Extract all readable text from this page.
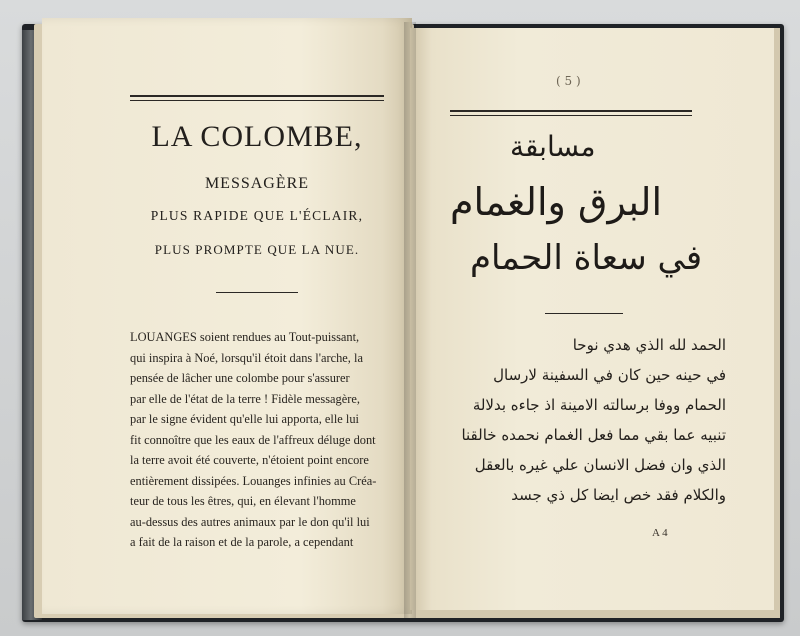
LA COLOMBE,
MESSAGÈRE
PLUS RAPIDE QUE L'ÉCLAIR,
PLUS PROMPTE QUE LA NUE.
LOUANGES soient rendues au Tout-puissant,
qui inspira à Noé, lorsqu'il étoit dans l'arche, la
pensée de lâcher une colombe pour s'assurer
par elle de l'état de la terre ! Fidèle messagère,
par le signe évident qu'elle lui apporta, elle lui
fit connoître que les eaux de l'affreux déluge dont
la terre avoit été couverte, n'étoient point encore
entièrement dissipées. Louanges infinies au Créa-
teur de tous les êtres, qui, en élevant l'homme
au-dessus des autres animaux par le don qu'il lui
a fait de la raison et de la parole, a cependant
( 5 )
مسابقة
البرق والغمام
في سعاة الحمام
الحمد لله الذي هدي نوحا
في حينه حين كان في السفينة لارسال
الحمام ووفا برسالته الامينة اذ جاءه بدلالة
تنبيه عما بقي مما فعل الغمام نحمده خالقنا
الذي وان فضل الانسان علي غيره بالعقل
والكلام فقد خص ايضا كل ذي جسد
A 4
